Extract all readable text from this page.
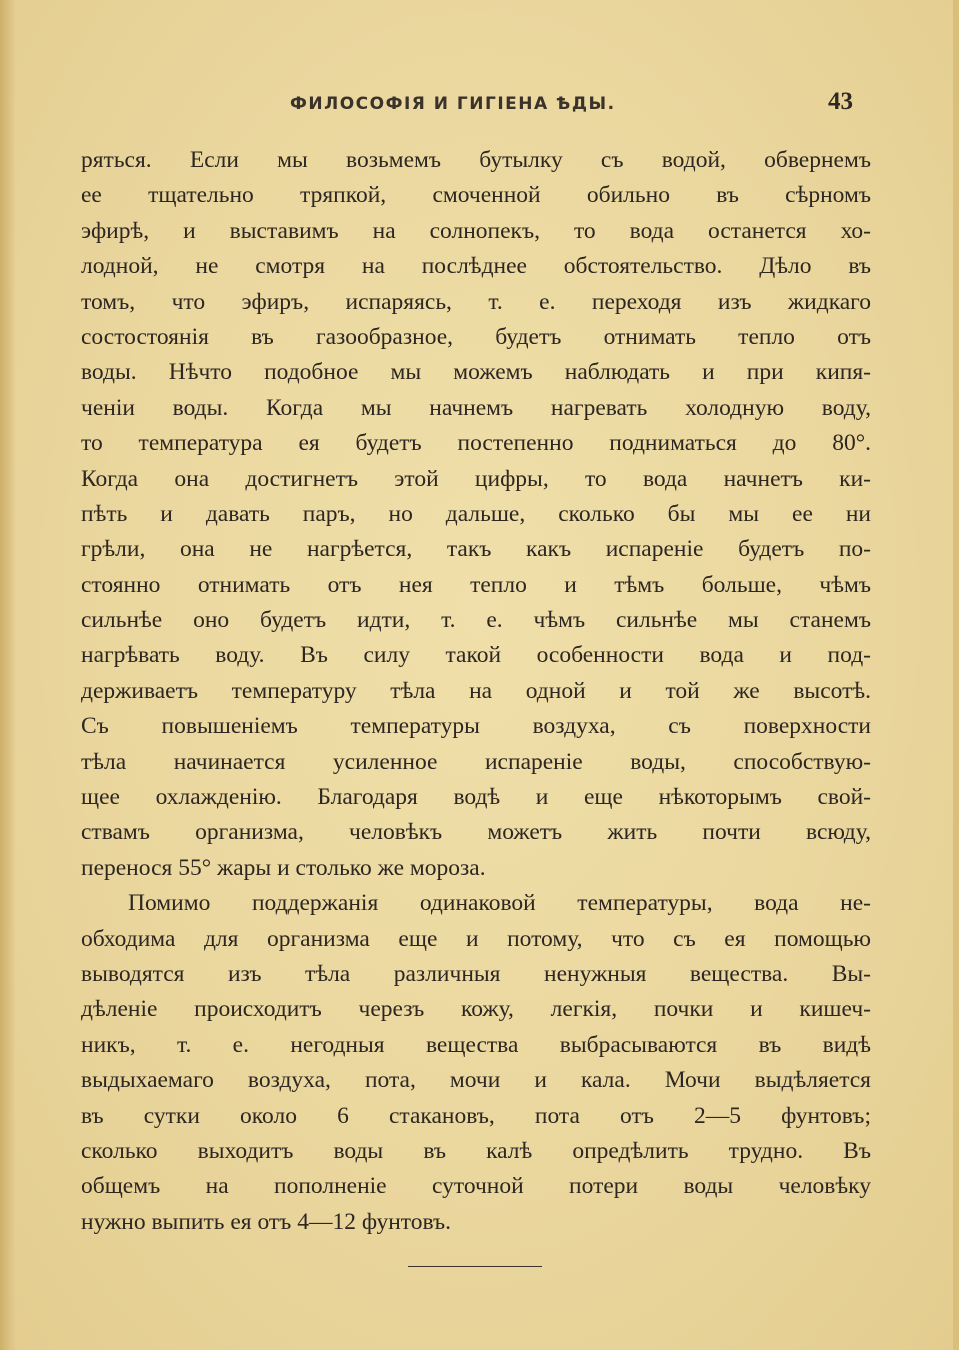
ФИЛОСОФІЯ И ГИГІЕНА ѢДЫ.	43
ряться. Если мы возьмемъ бутылку съ водой, обвернемъ
ее тщательно тряпкой, смоченной обильно въ сѣрномъ
эфирѣ, и выставимъ на солнопекъ, то вода останется хо-
лодной, не смотря на послѣднее обстоятельство. Дѣло въ
томъ, что эфиръ, испаряясь, т. е. переходя изъ жидкаго
состостоянія въ газообразное, будетъ отнимать тепло отъ
воды. Нѣчто подобное мы можемъ наблюдать и при кипя-
ченіи воды. Когда мы начнемъ нагревать холодную воду,
то температура ея будетъ постепенно подниматься до 80°.
Когда она достигнетъ этой цифры, то вода начнетъ ки-
пѣть и давать паръ, но дальше, сколько бы мы ее ни
грѣли, она не нагрѣется, такъ какъ испареніе будетъ по-
стоянно отнимать отъ нея тепло и тѣмъ больше, чѣмъ
сильнѣе оно будетъ идти, т. е. чѣмъ сильнѣе мы станемъ
нагрѣвать воду. Въ силу такой особенности вода и под-
держиваетъ температуру тѣла на одной и той же высотѣ.
Съ повышеніемъ температуры воздуха, съ поверхности
тѣла начинается усиленное испареніе воды, способствую-
щее охлажденію. Благодаря водѣ и еще нѣкоторымъ свой-
ствамъ организма, человѣкъ можетъ жить почти всюду,
перенося 55° жары и столько же мороза.
Помимо поддержанія одинаковой температуры, вода не-
обходима для организма еще и потому, что съ ея помощью
выводятся изъ тѣла различныя ненужныя вещества. Вы-
дѣленіе происходитъ черезъ кожу, легкія, почки и кишеч-
никъ, т. е. негодныя вещества выбрасываются въ видѣ
выдыхаемаго воздуха, пота, мочи и кала. Мочи выдѣляется
въ сутки около 6 стакановъ, пота отъ 2—5 фунтовъ;
сколько выходитъ воды въ калѣ опредѣлить трудно. Въ
общемъ на пополненіе суточной потери воды человѣку
нужно выпить ея отъ 4—12 фунтовъ.
